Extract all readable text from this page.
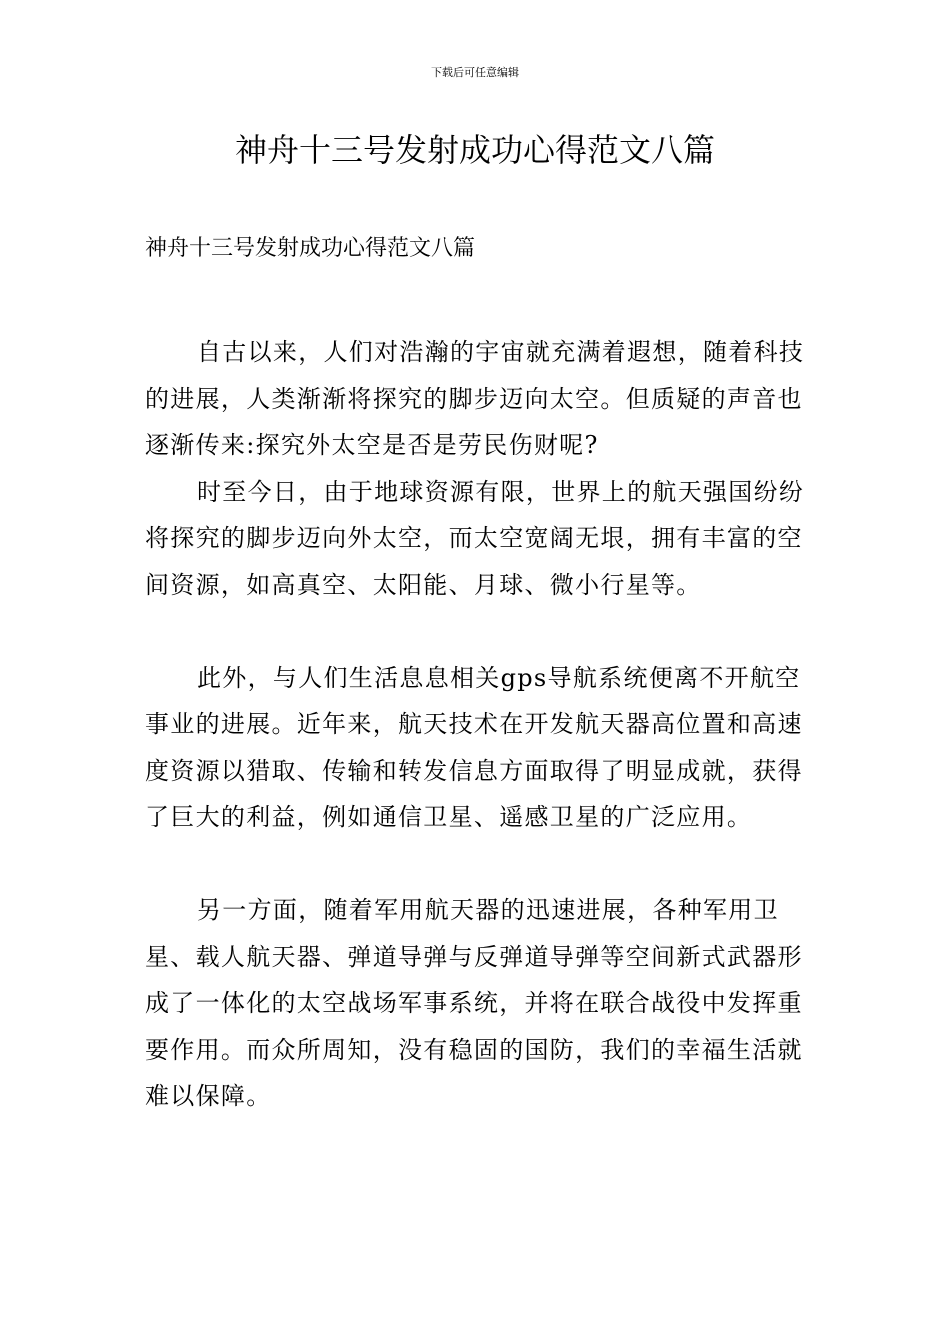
下载后可任意编辑
神舟十三号发射成功心得范文八篇
神舟十三号发射成功心得范文八篇

自古以来，人们对浩瀚的宇宙就充满着遐想，随着科技的进展，人类渐渐将探究的脚步迈向太空。但质疑的声音也逐渐传来:探究外太空是否是劳民伤财呢?

时至今日，由于地球资源有限，世界上的航天强国纷纷将探究的脚步迈向外太空，而太空宽阔无垠，拥有丰富的空间资源，如高真空、太阳能、月球、微小行星等。

此外，与人们生活息息相关gps导航系统便离不开航空事业的进展。近年来，航天技术在开发航天器高位置和高速度资源以猎取、传输和转发信息方面取得了明显成就，获得了巨大的利益，例如通信卫星、遥感卫星的广泛应用。

另一方面，随着军用航天器的迅速进展，各种军用卫星、载人航天器、弹道导弹与反弹道导弹等空间新式武器形成了一体化的太空战场军事系统，并将在联合战役中发挥重要作用。而众所周知，没有稳固的国防，我们的幸福生活就难以保障。
